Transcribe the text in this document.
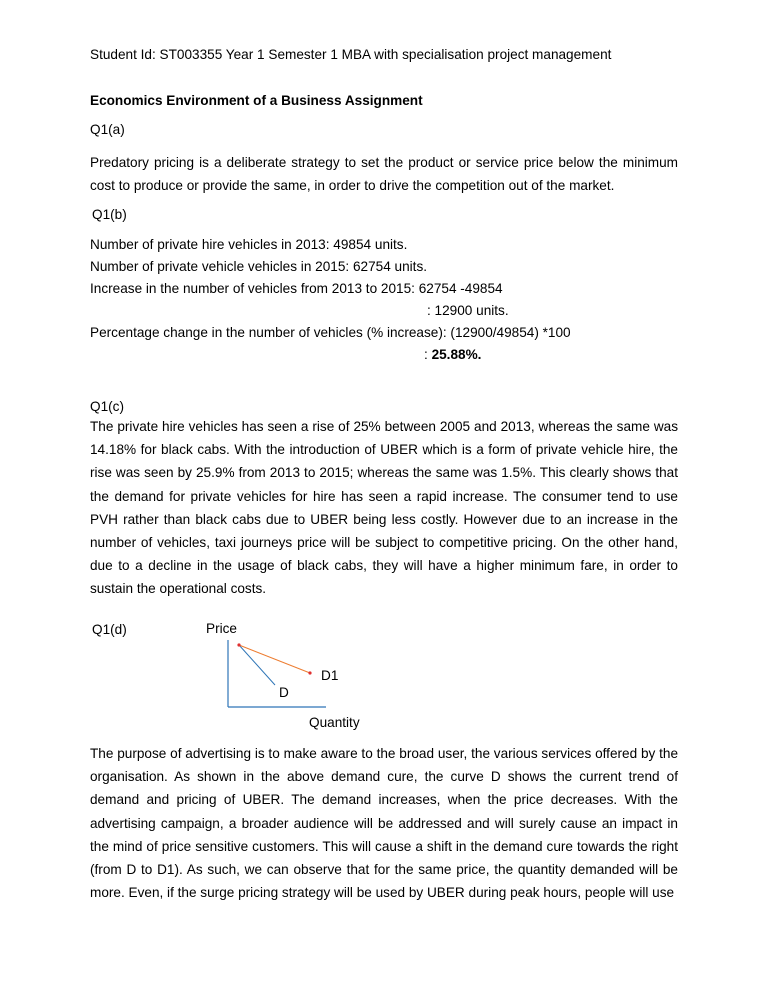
Student Id: ST003355 Year 1 Semester 1 MBA with specialisation project management
Economics Environment of a Business Assignment
Q1(a)
Predatory pricing is a deliberate strategy to set the product or service price below the minimum cost to produce or provide the same, in order to drive the competition out of the market.
Q1(b)
Number of private hire vehicles in 2013: 49854 units.
Number of private vehicle vehicles in 2015: 62754 units.
Increase in the number of vehicles from 2013 to 2015: 62754 -49854
: 12900 units.
Percentage change in the number of vehicles (% increase): (12900/49854) *100
: 25.88%.
Q1(c)
The private hire vehicles has seen a rise of 25% between 2005 and 2013, whereas the same was 14.18% for black cabs. With the introduction of UBER which is a form of private vehicle hire, the rise was seen by 25.9% from 2013 to 2015; whereas the same was 1.5%. This clearly shows that the demand for private vehicles for hire has seen a rapid increase. The consumer tend to use PVH rather than black cabs due to UBER being less costly. However due to an increase in the number of vehicles, taxi journeys price will be subject to competitive pricing. On the other hand, due to a decline in the usage of black cabs, they will have a higher minimum fare, in order to sustain the operational costs.
Q1(d)	Price
D1
D
Quantity
The purpose of advertising is to make aware to the broad user, the various services offered by the organisation. As shown in the above demand cure, the curve D shows the current trend of demand and pricing of UBER. The demand increases, when the price decreases. With the advertising campaign, a broader audience will be addressed and will surely cause an impact in the mind of price sensitive customers. This will cause a shift in the demand cure towards the right (from D to D1). As such, we can observe that for the same price, the quantity demanded will be more. Even, if the surge pricing strategy will be used by UBER during peak hours, people will use
